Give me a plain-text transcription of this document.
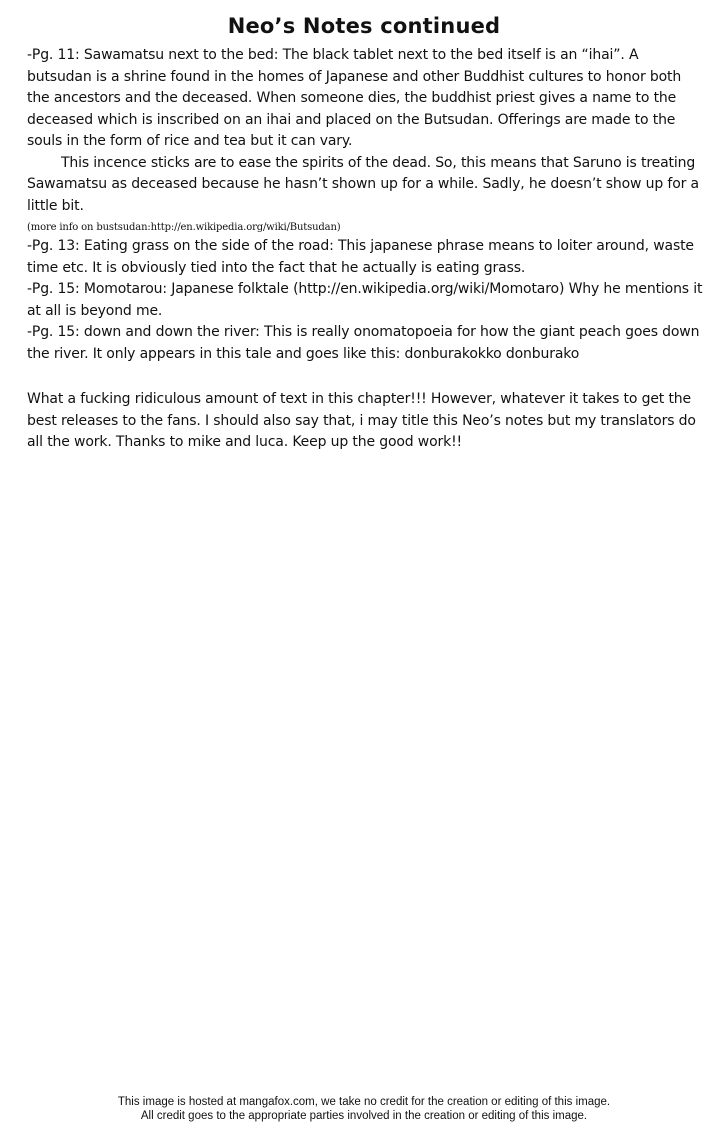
Neo’s Notes continued

-Pg. 11: Sawamatsu next to the bed: The black tablet next to the bed itself is an “ihai”. A butsudan is a shrine found in the homes of Japanese and other Buddhist cultures to honor both the ancestors and the deceased. When someone dies, the buddhist priest gives a name to the deceased which is inscribed on an ihai and placed on the Butsudan. Offerings are made to the souls in the form of rice and tea but it can vary.

This incence sticks are to ease the spirits of the dead. So, this means that Saruno is treating Sawamatsu as deceased because he hasn’t shown up for a while. Sadly, he doesn’t show up for a little bit.

(more info on bustsudan:http://en.wikipedia.org/wiki/Butsudan)

-Pg. 13: Eating grass on the side of the road: This japanese phrase means to loiter around, waste time etc. It is obviously tied into the fact that he actually is eating grass.

-Pg. 15: Momotarou: Japanese folktale (http://en.wikipedia.org/wiki/Momotaro) Why he mentions it at all is beyond me.

-Pg. 15: down and down the river: This is really onomatopoeia for how the giant peach goes down the river. It only appears in this tale and goes like this: donburakokko donburako

What a fucking ridiculous amount of text in this chapter!!! However, whatever it takes to get the best releases to the fans. I should also say that, i may title this Neo’s notes but my translators do all the work. Thanks to mike and luca. Keep up the good work!!
This image is hosted at mangafox.com, we take no credit for the creation or editing of this image.
All credit goes to the appropriate parties involved in the creation or editing of this image.
